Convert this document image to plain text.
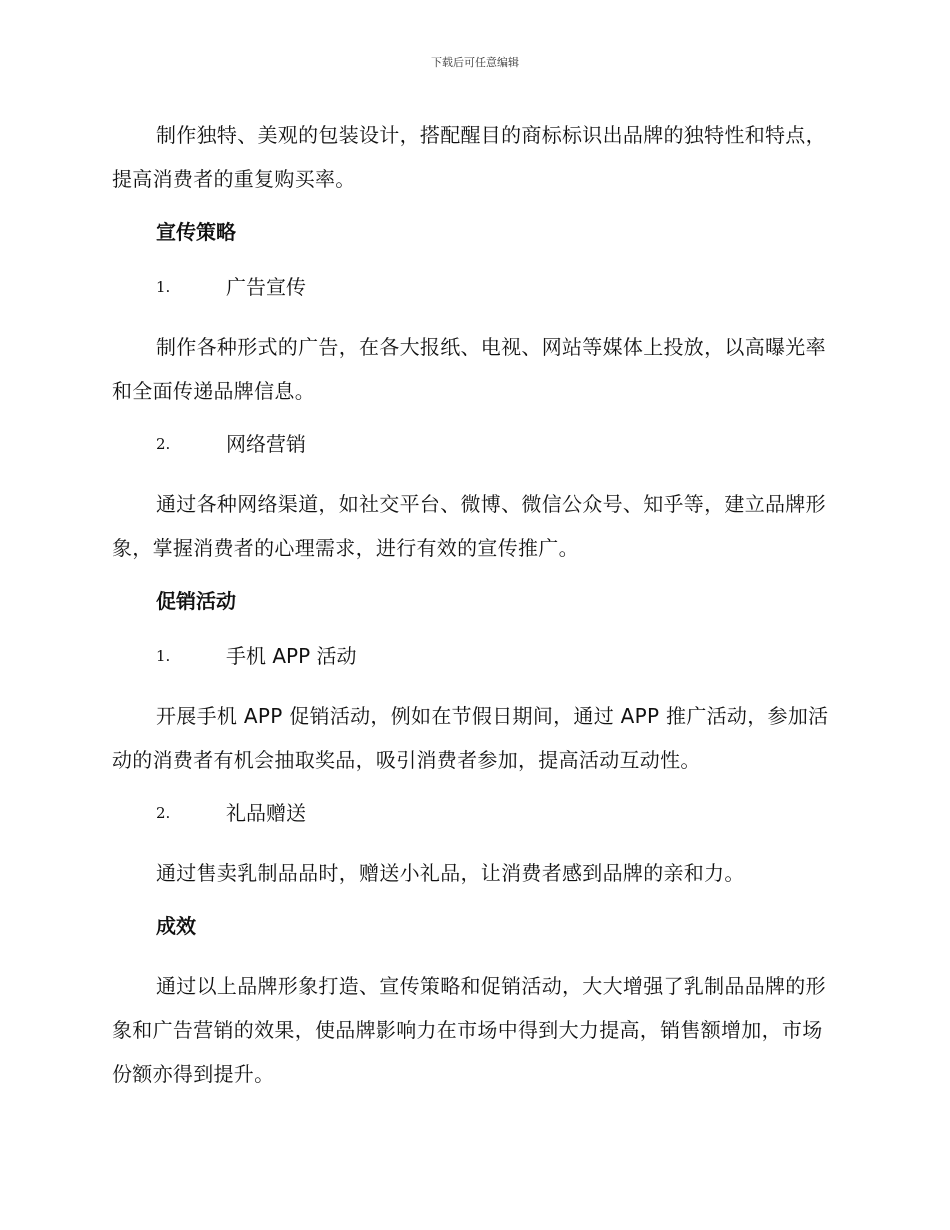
下载后可任意编辑

制作独特、美观的包装设计，搭配醒目的商标标识出品牌的独特性和特点，提高消费者的重复购买率。

宣传策略
1.	广告宣传

制作各种形式的广告，在各大报纸、电视、网站等媒体上投放，以高曝光率和全面传递品牌信息。

2.	网络营销

通过各种网络渠道，如社交平台、微博、微信公众号、知乎等，建立品牌形象，掌握消费者的心理需求，进行有效的宣传推广。

促销活动
1.	手机 APP 活动

开展手机 APP 促销活动，例如在节假日期间，通过 APP 推广活动，参加活动的消费者有机会抽取奖品，吸引消费者参加，提高活动互动性。

2.	礼品赠送

通过售卖乳制品品时，赠送小礼品，让消费者感到品牌的亲和力。

成效

通过以上品牌形象打造、宣传策略和促销活动，大大增强了乳制品品牌的形象和广告营销的效果，使品牌影响力在市场中得到大力提高，销售额增加，市场份额亦得到提升。
